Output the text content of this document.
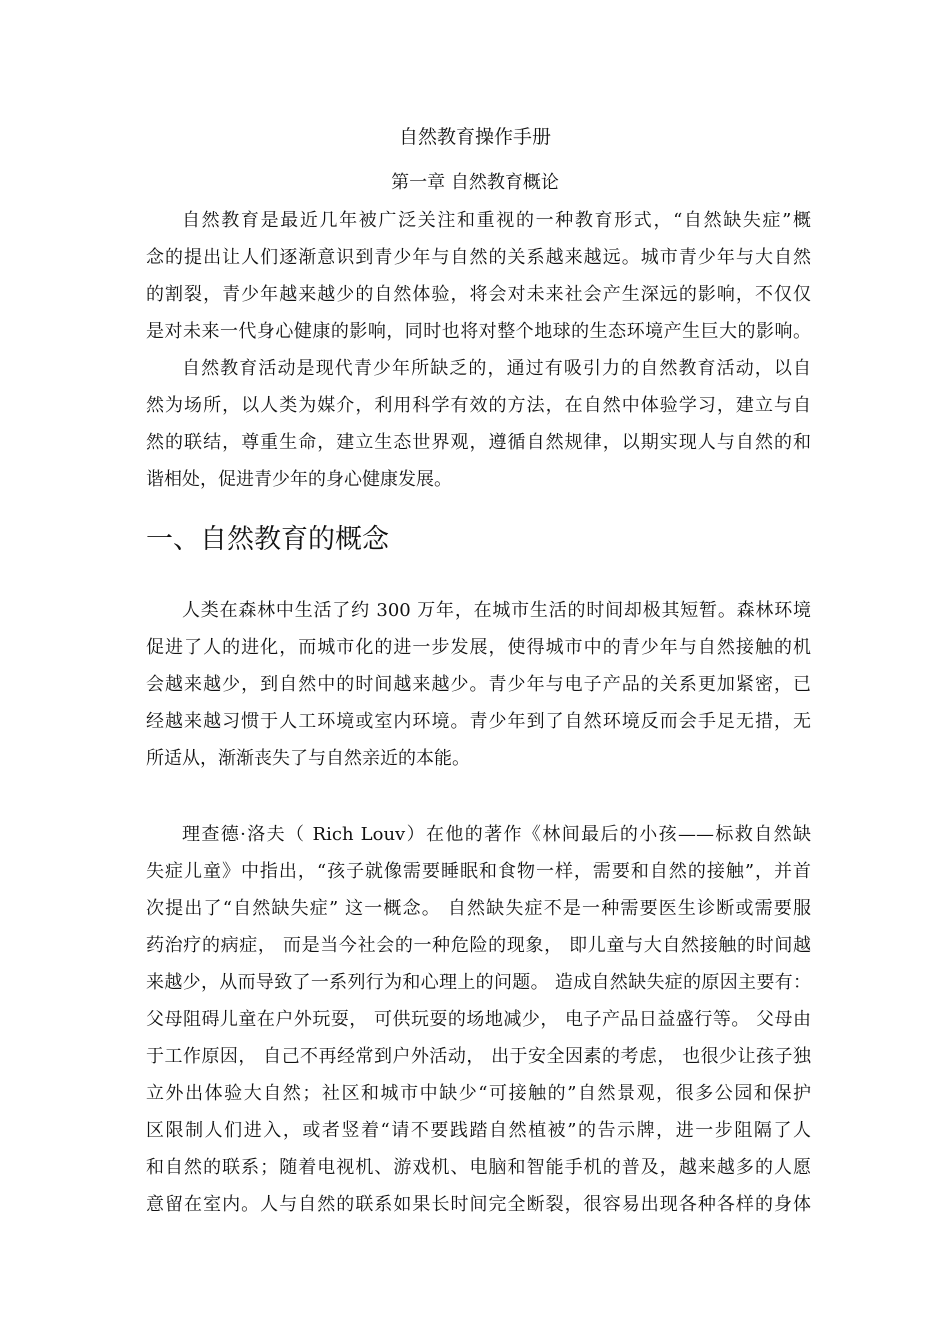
自然教育操作手册
第一章 自然教育概论
自然教育是最近几年被广泛关注和重视的一种教育形式，“自然缺失症”概
念的提出让人们逐渐意识到青少年与自然的关系越来越远。城市青少年与大自然
的割裂，青少年越来越少的自然体验，将会对未来社会产生深远的影响，不仅仅
是对未来一代身心健康的影响，同时也将对整个地球的生态环境产生巨大的影响。
自然教育活动是现代青少年所缺乏的，通过有吸引力的自然教育活动，以自
然为场所，以人类为媒介，利用科学有效的方法，在自然中体验学习，建立与自
然的联结，尊重生命，建立生态世界观，遵循自然规律，以期实现人与自然的和
谐相处，促进青少年的身心健康发展。
一、自然教育的概念
人类在森林中生活了约 300 万年，在城市生活的时间却极其短暂。森林环境
促进了人的进化，而城市化的进一步发展，使得城市中的青少年与自然接触的机
会越来越少，到自然中的时间越来越少。青少年与电子产品的关系更加紧密，已
经越来越习惯于人工环境或室内环境。青少年到了自然环境反而会手足无措，无
所适从，渐渐丧失了与自然亲近的本能。
理查德·洛夫（ Rich Louv）在他的著作《林间最后的小孩——标救自然缺
失症儿童》中指出，“孩子就像需要睡眠和食物一样，需要和自然的接触”，并首
次提出了“自然缺失症” 这一概念。 自然缺失症不是一种需要医生诊断或需要服
药治疗的病症， 而是当今社会的一种危险的现象， 即儿童与大自然接触的时间越
来越少，从而导致了一系列行为和心理上的问题。 造成自然缺失症的原因主要有：
父母阻碍儿童在户外玩耍， 可供玩耍的场地减少， 电子产品日益盛行等。 父母由
于工作原因， 自己不再经常到户外活动， 出于安全因素的考虑， 也很少让孩子独
立外出体验大自然；社区和城市中缺少“可接触的”自然景观，很多公园和保护
区限制人们进入，或者竖着“请不要践踏自然植被”的告示牌，进一步阻隔了人
和自然的联系；随着电视机、游戏机、电脑和智能手机的普及，越来越多的人愿
意留在室内。人与自然的联系如果长时间完全断裂，很容易出现各种各样的身体
